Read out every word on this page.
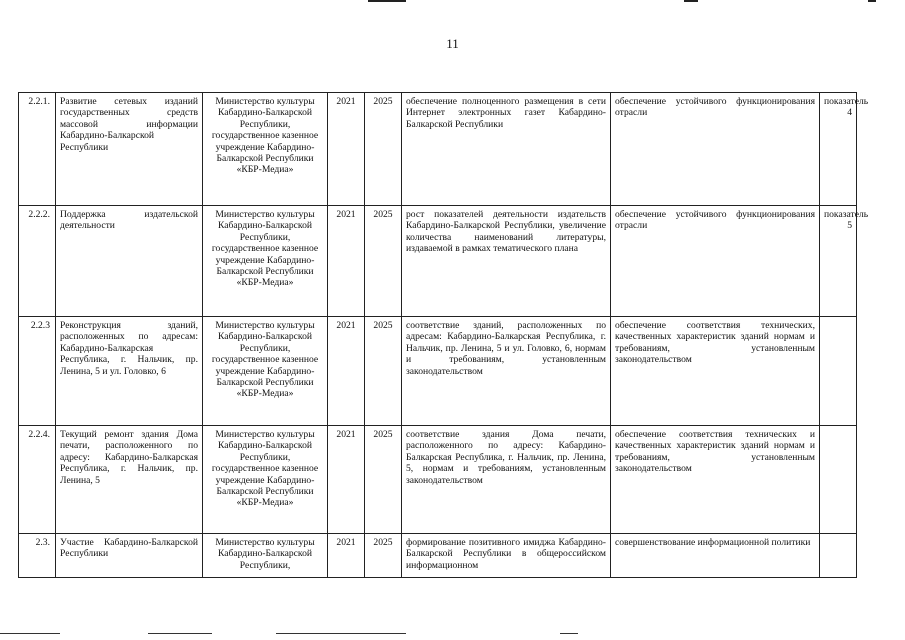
11
2.2.1.	Развитие сетевых изданий государственных средств массовой информации Кабардино-Балкарской Республики	Министерство культуры Кабардино-Балкарской Республики, государственное казенное учреждение Кабардино-Балкарской Республики «КБР-Медиа»	2021	2025	обеспечение полноценного размещения в сети Интернет электронных газет Кабардино-Балкарской Республики	обеспечение устойчивого функционирования отрасли	показатель 4
2.2.2.	Поддержка издательской деятельности	Министерство культуры Кабардино-Балкарской Республики, государственное казенное учреждение Кабардино-Балкарской Республики «КБР-Медиа»	2021	2025	рост показателей деятельности издательств Кабардино-Балкарской Республики, увеличение количества наименований литературы, издаваемой в рамках тематического плана	обеспечение устойчивого функционирования отрасли	показатель 5
2.2.3	Реконструкция зданий, расположенных по адресам: Кабардино-Балкарская Республика, г. Нальчик, пр. Ленина, 5 и ул. Головко, 6	Министерство культуры Кабардино-Балкарской Республики, государственное казенное учреждение Кабардино-Балкарской Республики «КБР-Медиа»	2021	2025	соответствие зданий, расположенных по адресам: Кабардино-Балкарская Республика, г. Нальчик, пр. Ленина, 5 и ул. Головко, 6, нормам и требованиям, установленным законодательством	обеспечение соответствия технических, качественных характеристик зданий нормам и требованиям, установленным законодательством	
2.2.4.	Текущий ремонт здания Дома печати, расположенного по адресу: Кабардино-Балкарская Республика, г. Нальчик, пр. Ленина, 5	Министерство культуры Кабардино-Балкарской Республики, государственное казенное учреждение Кабардино-Балкарской Республики «КБР-Медиа»	2021	2025	соответствие здания Дома печати, расположенного по адресу: Кабардино-Балкарская Республика, г. Нальчик, пр. Ленина, 5, нормам и требованиям, установленным законодательством	обеспечение соответствия технических и качественных характеристик зданий нормам и требованиям, установленным законодательством	
2.3.	Участие Кабардино-Балкарской Республики	Министерство культуры Кабардино-Балкарской Республики,	2021	2025	формирование позитивного имиджа Кабардино-Балкарской Республики в общероссийском информационном	совершенствование информационной политики	
